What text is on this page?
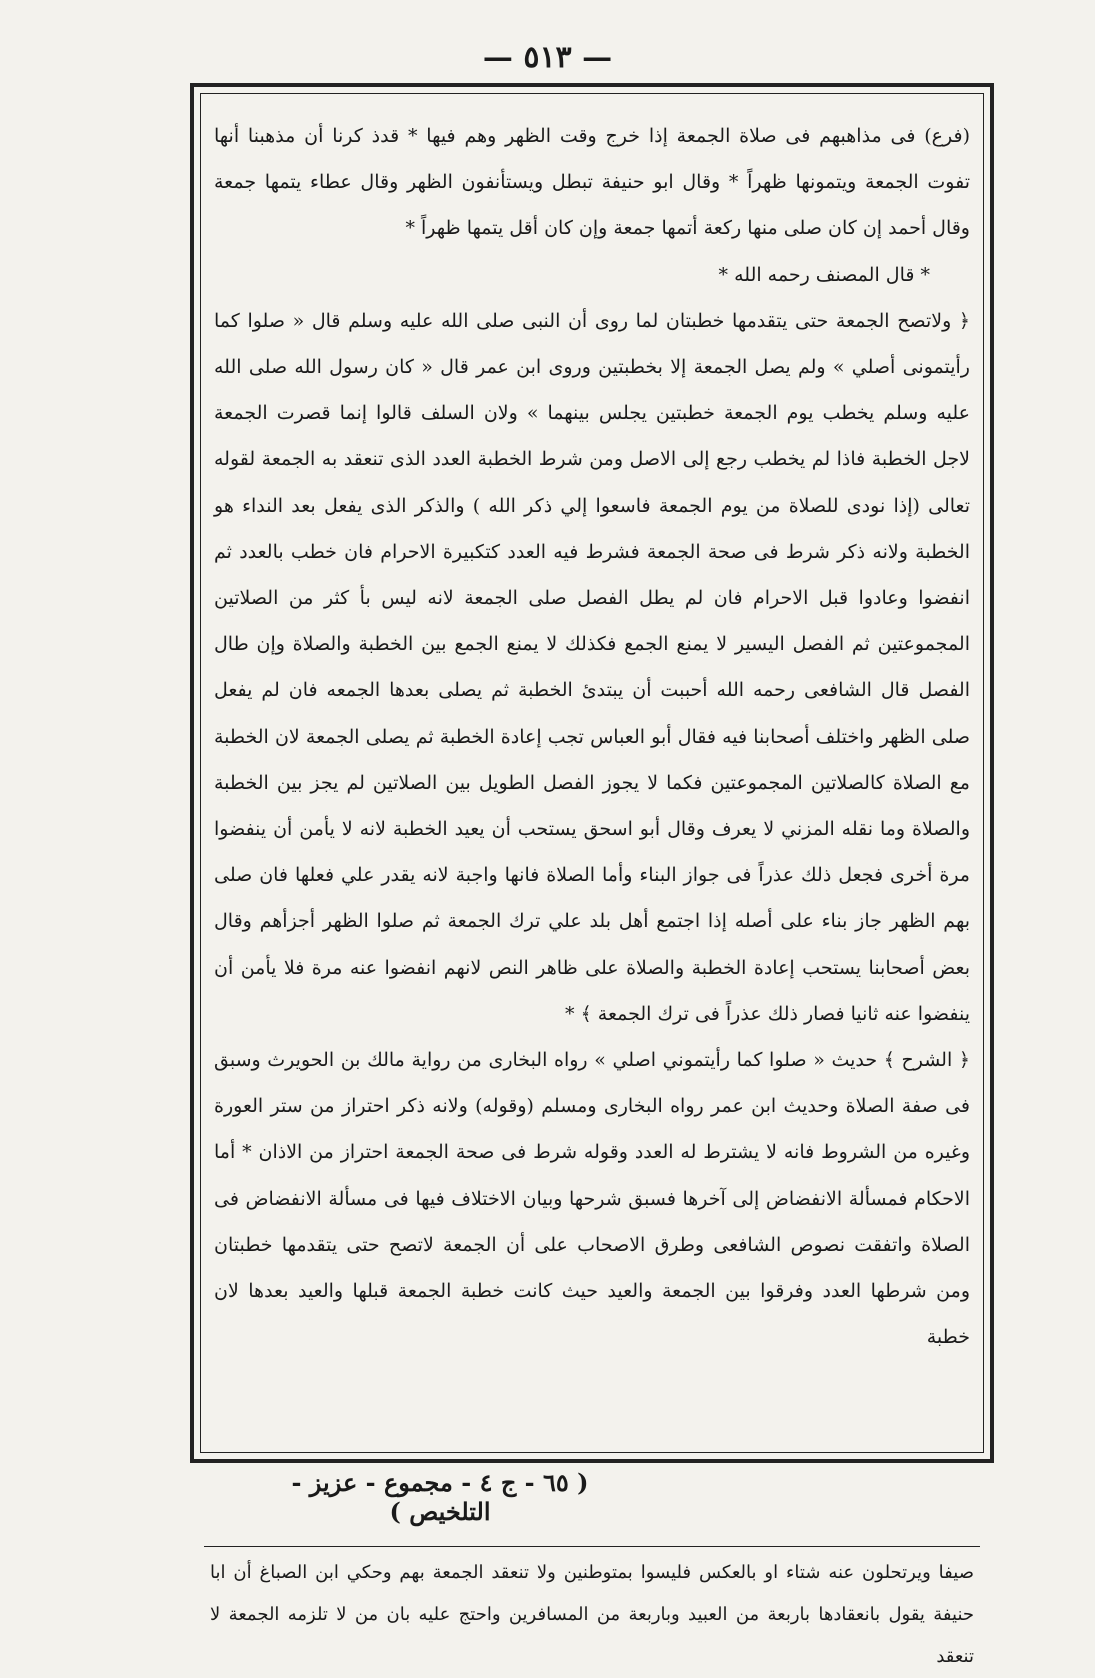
— ٥١٣ —

(فرع) فى مذاهبهم فى صلاة الجمعة إذا خرج وقت الظهر وهم فيها * قدذ كرنا أن مذهبنا أنها تفوت الجمعة ويتمونها ظهراً * وقال ابو حنيفة تبطل ويستأنفون الظهر وقال عطاء يتمها جمعة وقال أحمد إن كان صلى منها ركعة أتمها جمعة وإن كان أقل يتمها ظهراً *

* قال المصنف رحمه الله *

﴿ ولاتصح الجمعة حتى يتقدمها خطبتان لما روى أن النبى صلى الله عليه وسلم قال « صلوا كما رأيتمونى أصلي » ولم يصل الجمعة إلا بخطبتين وروى ابن عمر قال « كان رسول الله صلى الله عليه وسلم يخطب يوم الجمعة خطبتين يجلس بينهما » ولان السلف قالوا إنما قصرت الجمعة لاجل الخطبة فاذا لم يخطب رجع إلى الاصل ومن شرط الخطبة العدد الذى تنعقد به الجمعة لقوله تعالى (إذا نودى للصلاة من يوم الجمعة فاسعوا إلي ذكر الله ) والذكر الذى يفعل بعد النداء هو الخطبة ولانه ذكر شرط فى صحة الجمعة فشرط فيه العدد كتكبيرة الاحرام فان خطب بالعدد ثم انفضوا وعادوا قبل الاحرام فان لم يطل الفصل صلى الجمعة لانه ليس بأ كثر من الصلاتين المجموعتين ثم الفصل اليسير لا يمنع الجمع فكذلك لا يمنع الجمع بين الخطبة والصلاة وإن طال الفصل قال الشافعى رحمه الله أحببت أن يبتدئ الخطبة ثم يصلى بعدها الجمعه فان لم يفعل صلى الظهر واختلف أصحابنا فيه فقال أبو العباس تجب إعادة الخطبة ثم يصلى الجمعة لان الخطبة مع الصلاة كالصلاتين المجموعتين فكما لا يجوز الفصل الطويل بين الصلاتين لم يجز بين الخطبة والصلاة وما نقله المزني لا يعرف وقال أبو اسحق يستحب أن يعيد الخطبة لانه لا يأمن أن ينفضوا مرة أخرى فجعل ذلك عذراً فى جواز البناء وأما الصلاة فانها واجبة لانه يقدر علي فعلها فان صلى بهم الظهر جاز بناء على أصله إذا اجتمع أهل بلد علي ترك الجمعة ثم صلوا الظهر أجزأهم وقال بعض أصحابنا يستحب إعادة الخطبة والصلاة على ظاهر النص لانهم انفضوا عنه مرة فلا يأمن أن ينفضوا عنه ثانيا فصار ذلك عذراً فى ترك الجمعة ﴾ *

﴿ الشرح ﴾ حديث « صلوا كما رأيتموني اصلي » رواه البخارى من رواية مالك بن الحويرث وسبق فى صفة الصلاة وحديث ابن عمر رواه البخارى ومسلم (وقوله) ولانه ذكر احتراز من ستر العورة وغيره من الشروط فانه لا يشترط له العدد وقوله شرط فى صحة الجمعة احتراز من الاذان * أما الاحكام فمسألة الانفضاض إلى آخرها فسبق شرحها وبيان الاختلاف فيها فى مسألة الانفضاض فى الصلاة واتفقت نصوص الشافعى وطرق الاصحاب على أن الجمعة لاتصح حتى يتقدمها خطبتان ومن شرطها العدد وفرقوا بين الجمعة والعيد حيث كانت خطبة الجمعة قبلها والعيد بعدها لان خطبة

صيفا ويرتحلون عنه شتاء او بالعكس فليسوا بمتوطنين ولا تنعقد الجمعة بهم وحكي ابن الصباغ أن ابا حنيفة يقول بانعقادها باربعة من العبيد وباربعة من المسافرين واحتج عليه بان من لا تلزمه الجمعة لا تنعقد

( ٦٥ - ج ٤ - مجموع - عزيز - التلخيص )
